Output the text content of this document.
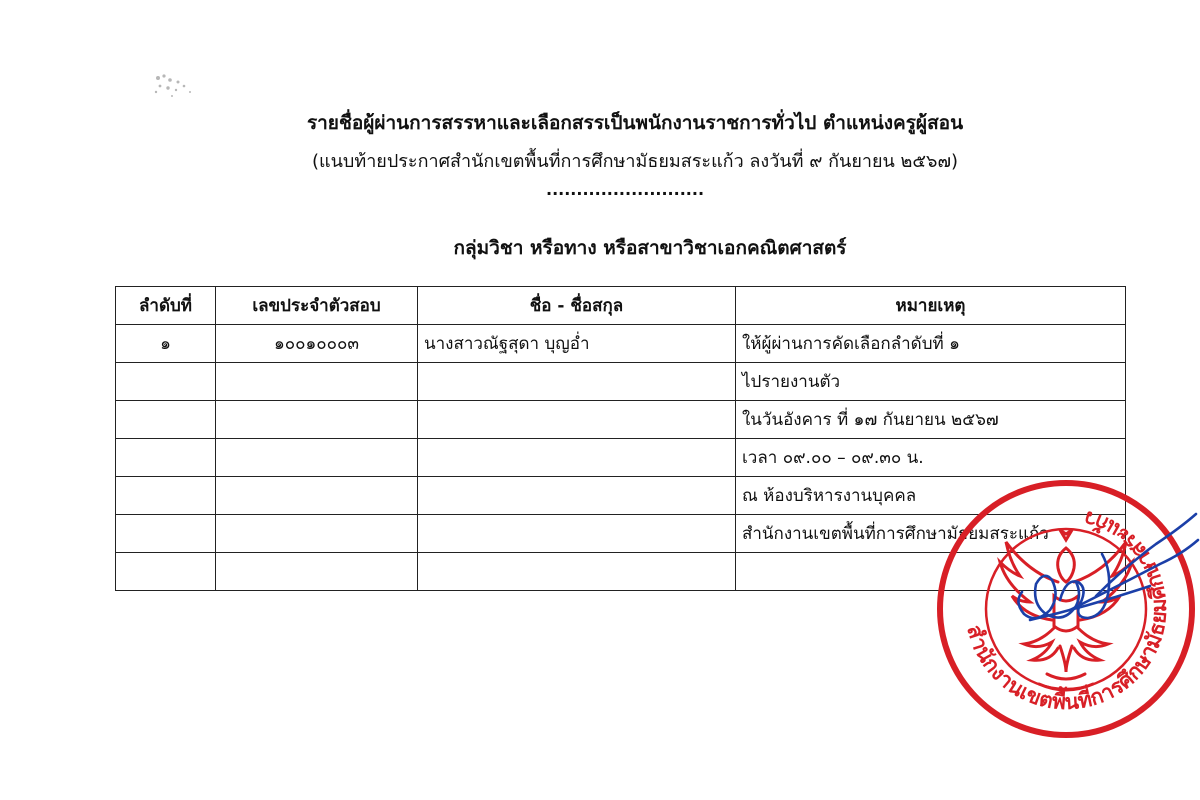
รายชื่อผู้ผ่านการสรรหาและเลือกสรรเป็นพนักงานราชการทั่วไป ตำแหน่งครูผู้สอน
(แนบท้ายประกาศสำนักเขตพื้นที่การศึกษามัธยมสระแก้ว ลงวันที่ ๙ กันยายน ๒๕๖๗)
..........................
กลุ่มวิชา หรือทาง หรือสาขาวิชาเอกคณิตศาสตร์
ลำดับที่	เลขประจำตัวสอบ	ชื่อ - ชื่อสกุล	หมายเหตุ
๑	๑๐๐๑๐๐๐๓	นางสาวณัฐสุดา บุญอ่ำ	ให้ผู้ผ่านการคัดเลือกลำดับที่ ๑
			ไปรายงานตัว
			ในวันอังคาร ที่ ๑๗ กันยายน ๒๕๖๗
			เวลา ๐๙.๐๐ – ๐๙.๓๐ น.
			ณ ห้องบริหารงานบุคคล
			สำนักงานเขตพื้นที่การศึกษามัธยมสระแก้ว

สำนักงานเขตพื้นที่การศึกษามัธยมศึกษาสระแก้ว
